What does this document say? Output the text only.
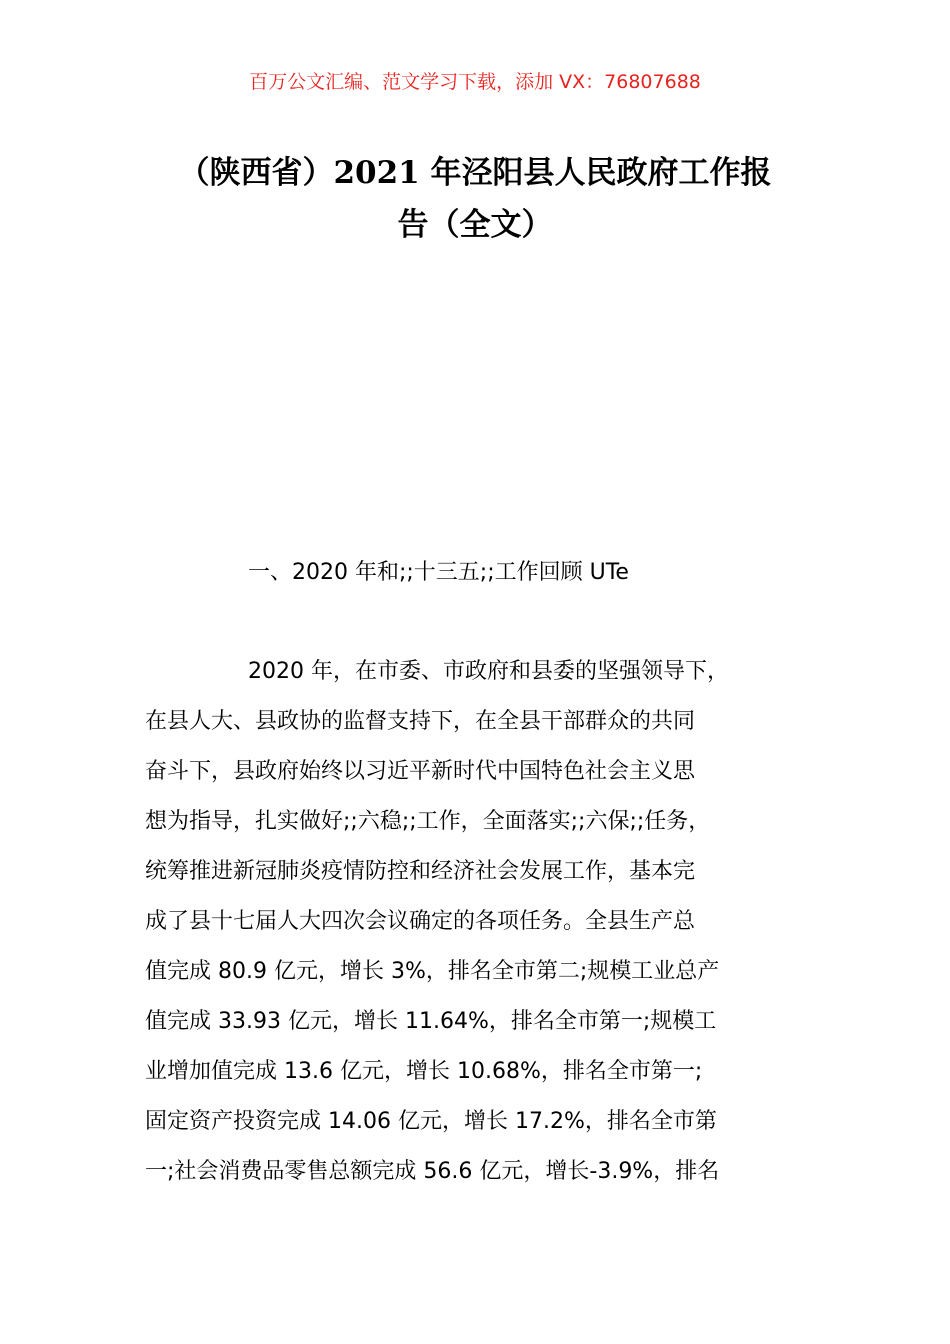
百万公文汇编、范文学习下载，添加 VX：76807688
（陕西省）2021 年泾阳县人民政府工作报
告（全文）
一、2020 年和;;十三五;;工作回顾 UTe
2020 年，在市委、市政府和县委的坚强领导下，
在县人大、县政协的监督支持下，在全县干部群众的共同
奋斗下，县政府始终以习近平新时代中国特色社会主义思
想为指导，扎实做好;;六稳;;工作，全面落实;;六保;;任务，
统筹推进新冠肺炎疫情防控和经济社会发展工作，基本完
成了县十七届人大四次会议确定的各项任务。全县生产总
值完成 80.9 亿元，增长 3%，排名全市第二;规模工业总产
值完成 33.93 亿元，增长 11.64%，排名全市第一;规模工
业增加值完成 13.6 亿元，增长 10.68%，排名全市第一;
固定资产投资完成 14.06 亿元，增长 17.2%，排名全市第
一;社会消费品零售总额完成 56.6 亿元，增长-3.9%，排名
